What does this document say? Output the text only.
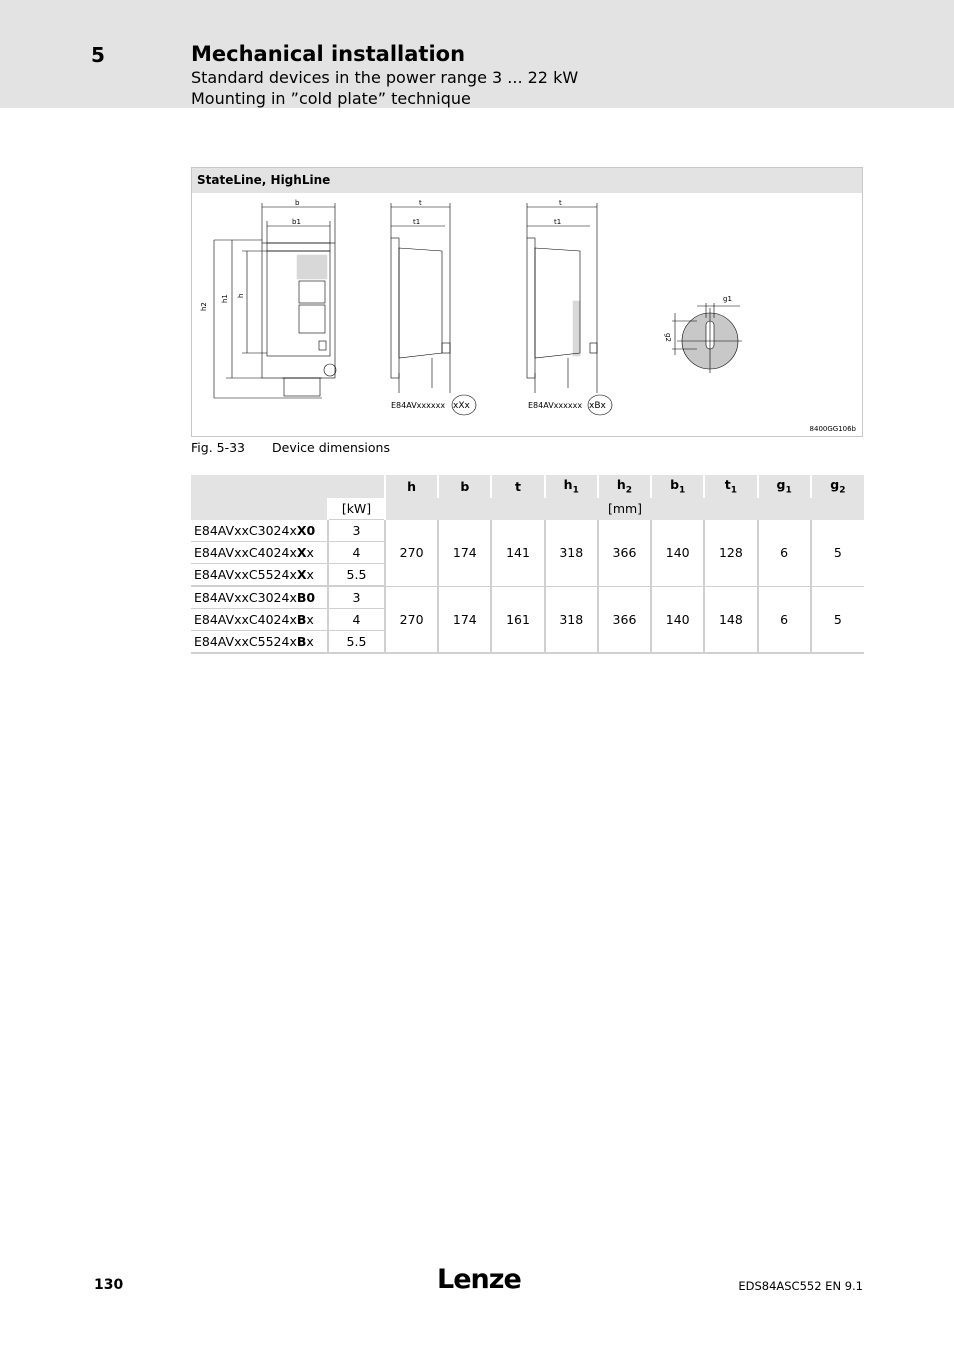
5	Mechanical installation
Standard devices in the power range 3 ... 22 kW
Mounting in ”cold plate” technique
StateLine, HighLine
b
b1
h2
h1 h
t
t1
E84AVxxxxxx xXx
t
t1
E84AVxxxxxx xBx
g1
g2
8400GG106b
Fig. 5-33 Device dimensions
		h	b	t	$h_1$	$h_2$	$b_1$	$t_1$	$g_1$	$g_2$
	[kW]	[mm]								
E84AVxxC3024xX0	3	270	174	141	318	366	140	128	6	5
E84AVxxC4024xXx	4									
E84AVxxC5524xXx	5.5									
E84AVxxC3024xB0	3	270	174	161	318	366	140	148	6	5
E84AVxxC4024xBx	4									
E84AVxxC5524xBx	5.5									
130	Lenze	EDS84ASC552 EN 9.1
